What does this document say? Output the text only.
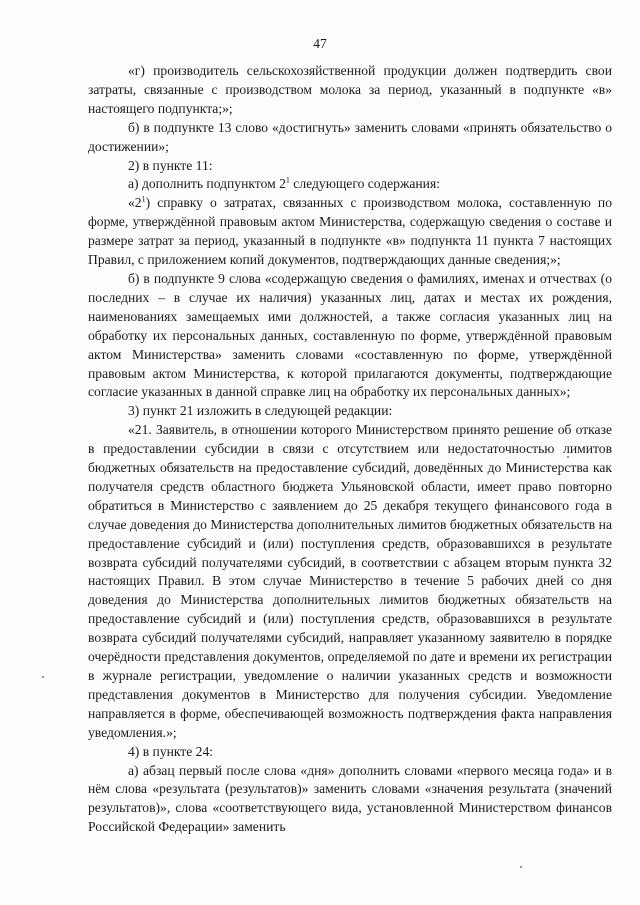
47

«г) производитель сельскохозяйственной продукции должен подтвердить свои затраты, связанные с производством молока за период, указанный в подпункте «в» настоящего подпункта;»;

б) в подпункте 13 слово «достигнуть» заменить словами «принять обязательство о достижении»;

2) в пункте 11:

а) дополнить подпунктом $2^1$ следующего содержания:

«$2^1$) справку о затратах, связанных с производством молока, составленную по форме, утверждённой правовым актом Министерства, содержащую сведения о составе и размере затрат за период, указанный в подпункте «в» подпункта 11 пункта 7 настоящих Правил, с приложением копий документов, подтверждающих данные сведения;»;

б) в подпункте 9 слова «содержащую сведения о фамилиях, именах и отчествах (о последних – в случае их наличия) указанных лиц, датах и местах их рождения, наименованиях замещаемых ими должностей, а также согласия указанных лиц на обработку их персональных данных, составленную по форме, утверждённой правовым актом Министерства» заменить словами «составленную по форме, утверждённой правовым актом Министерства, к которой прилагаются документы, подтверждающие согласие указанных в данной справке лиц на обработку их персональных данных»;

3) пункт 21 изложить в следующей редакции:

«21. Заявитель, в отношении которого Министерством принято решение об отказе в предоставлении субсидии в связи с отсутствием или недостаточностью лимитов бюджетных обязательств на предоставление субсидий, доведённых до Министерства как получателя средств областного бюджета Ульяновской области, имеет право повторно обратиться в Министерство с заявлением до 25 декабря текущего финансового года в случае доведения до Министерства дополнительных лимитов бюджетных обязательств на предоставление субсидий и (или) поступления средств, образовавшихся в результате возврата субсидий получателями субсидий, в соответствии с абзацем вторым пункта 32 настоящих Правил. В этом случае Министерство в течение 5 рабочих дней со дня доведения до Министерства дополнительных лимитов бюджетных обязательств на предоставление субсидий и (или) поступления средств, образовавшихся в результате возврата субсидий получателями субсидий, направляет указанному заявителю в порядке очерёдности представления документов, определяемой по дате и времени их регистрации в журнале регистрации, уведомление о наличии указанных средств и возможности представления документов в Министерство для получения субсидии. Уведомление направляется в форме, обеспечивающей возможность подтверждения факта направления уведомления.»;

4) в пункте 24:

а) абзац первый после слова «дня» дополнить словами «первого месяца года» и в нём слова «результата (результатов)» заменить словами «значения результата (значений результатов)», слова «соответствующего вида, установленной Министерством финансов Российской Федерации» заменить
